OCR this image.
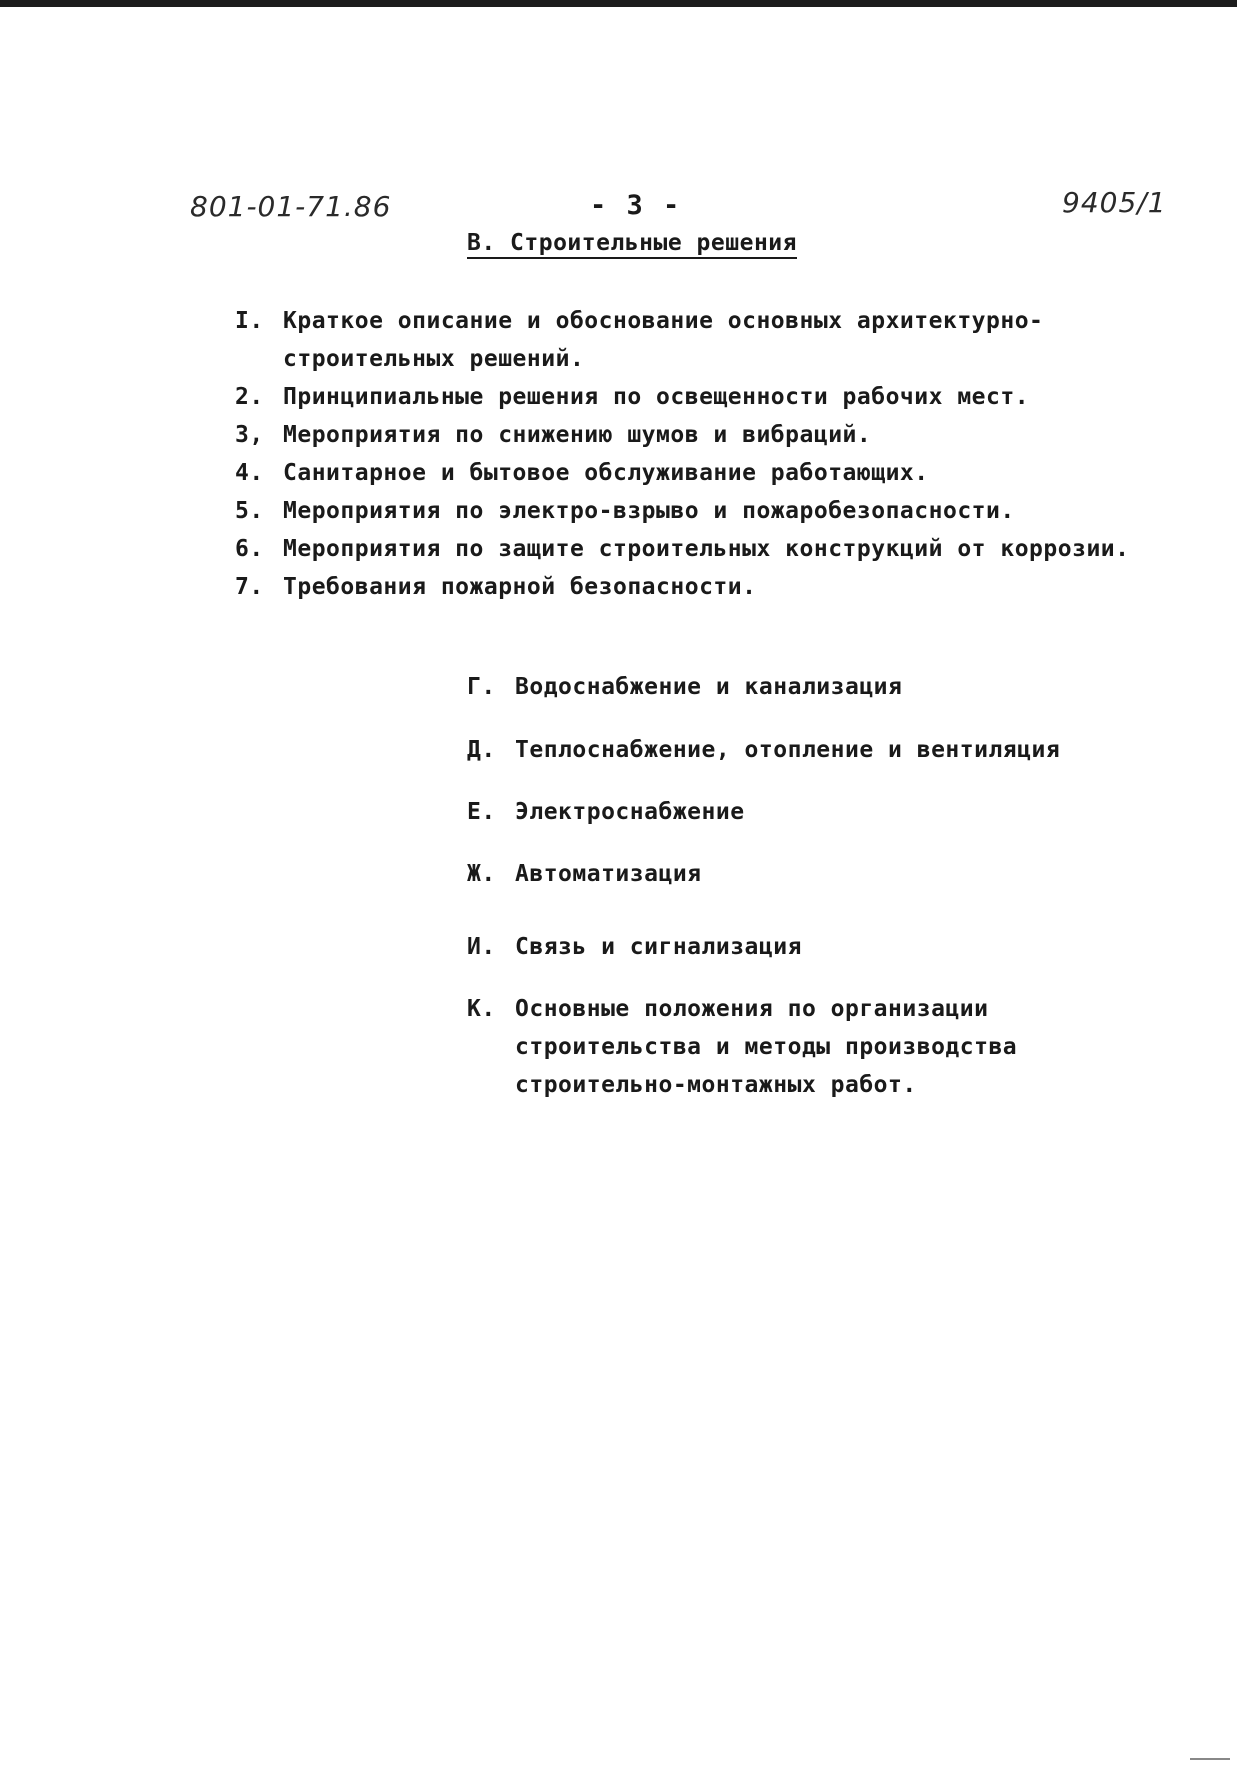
801-01-71.86	- 3 -	9405/1
В. Строительные решения
I. Краткое описание и обоснование основных архитектурно-
строительных решений.
2. Принципиальные решения по освещенности рабочих мест.
3, Мероприятия по снижению шумов и вибраций.
4. Санитарное и бытовое обслуживание работающих.
5. Мероприятия по электро-взрыво и пожаробезопасности.
6. Мероприятия по защите строительных конструкций от коррозии.
7. Требования пожарной безопасности.
Г. Водоснабжение и канализация
Д. Теплоснабжение, отопление и вентиляция
Е. Электроснабжение
Ж. Автоматизация
И. Связь и сигнализация
К. Основные положения по организации
строительства и методы производства
строительно-монтажных работ.
